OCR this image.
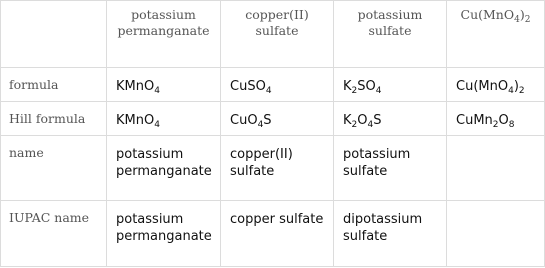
	potassium permanganate	copper(II) sulfate	potassium sulfate	$Cu(MnO_4)_2$

formula	KMnO$_4$	CuSO$_4$	$K_2SO_4$	$Cu(MnO_4)_2$

Hill formula	KMnO$_4$	CuO$_4$S	$K_2O_4S$	$CuMn_2O_8$

name	potassium permanganate	copper(II) sulfate	potassium sulfate	

IUPAC name	potassium permanganate	copper sulfate	dipotassium sulfate	
